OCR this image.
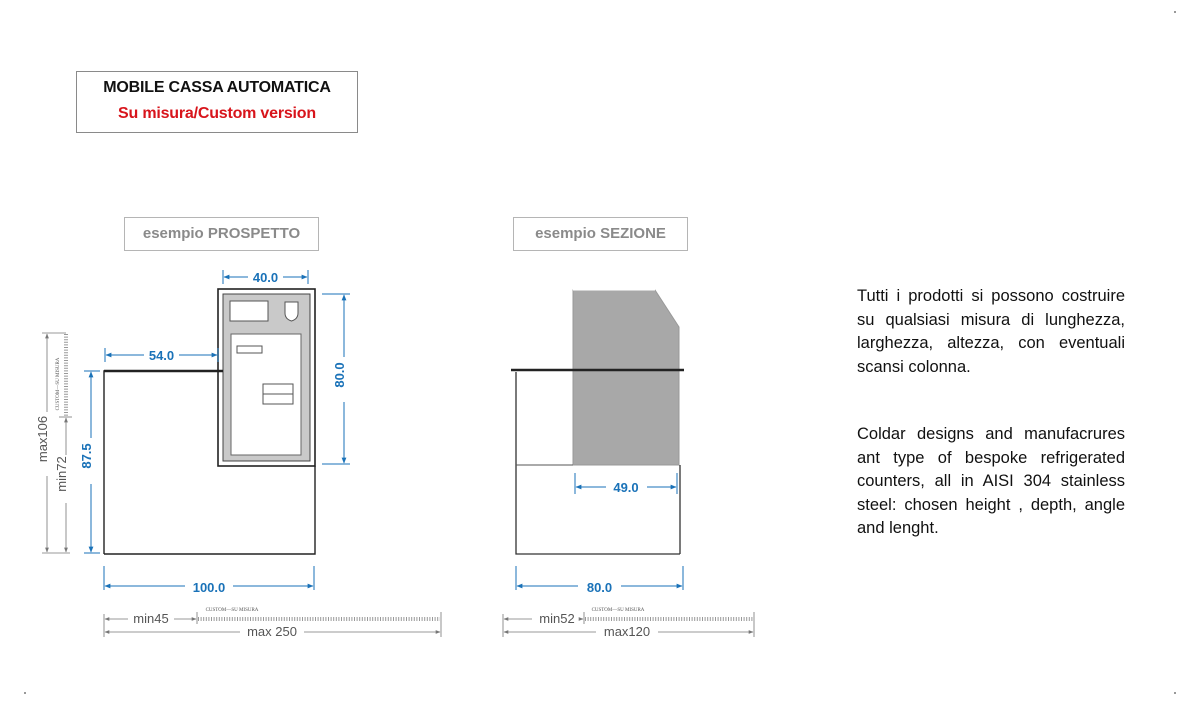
MOBILE CASSA AUTOMATICA
Su misura/Custom version
esempio PROSPETTO	esempio SEZIONE
40.0
54.0
80.0
87.5
100.0
max106
min72
CUSTOM—SU MISURA
min45
CUSTOM—SU MISURA
max 250
49.0
80.0
min52
CUSTOM—SU MISURA
max120

Tutti i prodotti si possono costruire su qualsiasi misura di lunghezza, larghezza, altezza, con eventuali scansi colonna.

Coldar designs and manufacrures ant type of bespoke refrigerated counters, all in AISI 304 stainless steel: chosen height , depth, angle and lenght.
